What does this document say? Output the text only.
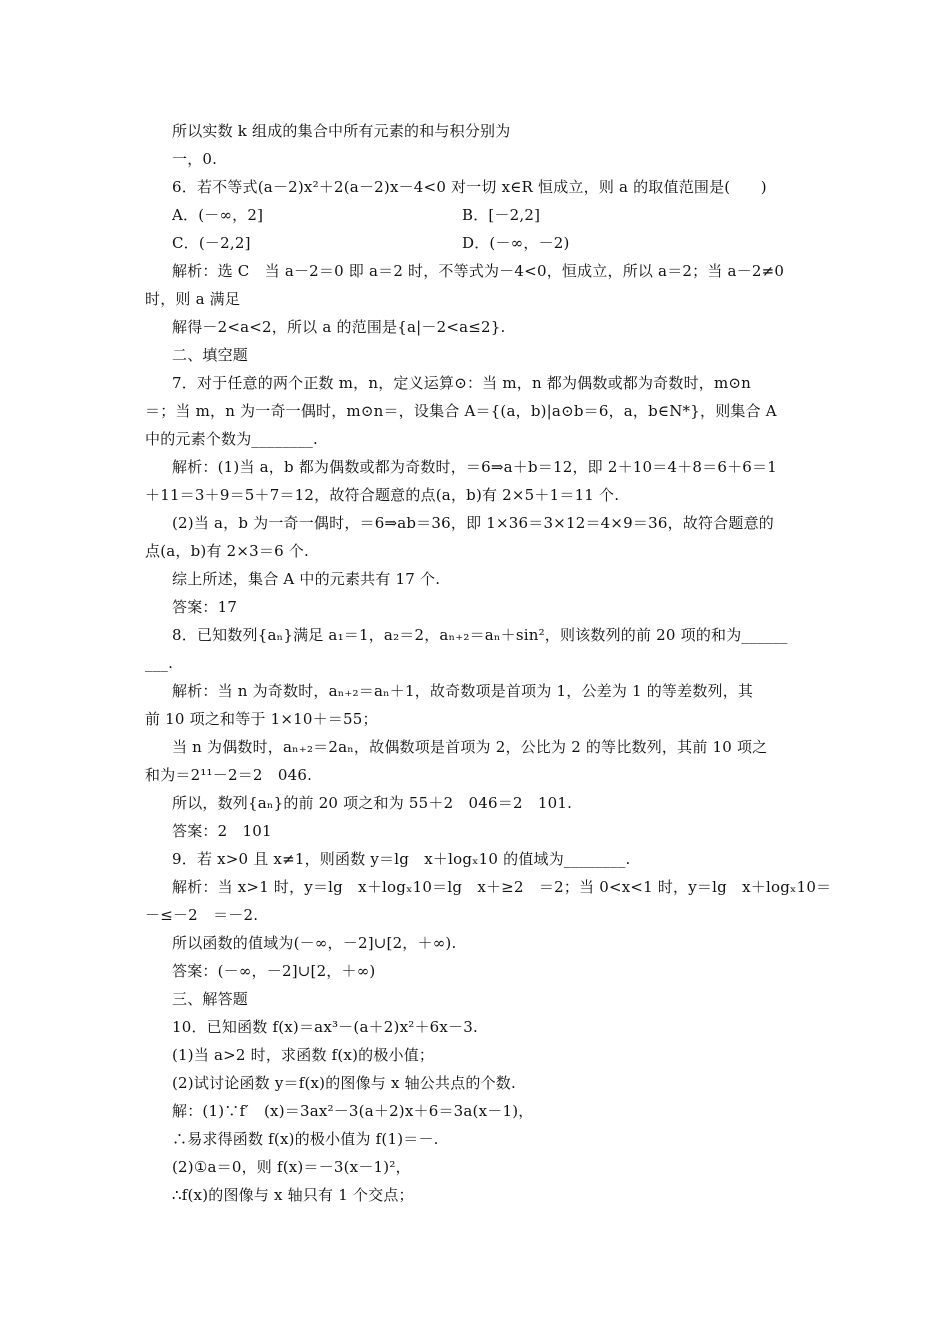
所以实数 k 组成的集合中所有元素的和与积分别为
一，0.
6．若不等式(a－2)x²＋2(a－2)x－4<0 对一切 x∈R 恒成立，则 a 的取值范围是(　　)
A．(－∞，2]	B．[－2,2]
C．(－2,2]	D．(－∞，－2)
解析：选 C　当 a－2＝0 即 a＝2 时，不等式为－4<0，恒成立，所以 a＝2；当 a－2≠0
时，则 a 满足
解得－2<a<2，所以 a 的范围是{a|－2<a≤2}.
二、填空题
7．对于任意的两个正数 m，n，定义运算⊙：当 m，n 都为偶数或都为奇数时，m⊙n
＝；当 m，n 为一奇一偶时，m⊙n＝，设集合 A＝{(a，b)|a⊙b＝6，a，b∈N*}，则集合 A
中的元素个数为________.
解析：(1)当 a，b 都为偶数或都为奇数时，＝6⇒a＋b＝12，即 2＋10＝4＋8＝6＋6＝1
＋11＝3＋9＝5＋7＝12，故符合题意的点(a，b)有 2×5＋1＝11 个.
(2)当 a，b 为一奇一偶时，＝6⇒ab＝36，即 1×36＝3×12＝4×9＝36，故符合题意的
点(a，b)有 2×3＝6 个.
综上所述，集合 A 中的元素共有 17 个.
答案：17
8．已知数列{aₙ}满足 a₁＝1，a₂＝2，aₙ₊₂＝aₙ＋sin²，则该数列的前 20 项的和为______
___.
解析：当 n 为奇数时，aₙ₊₂＝aₙ＋1，故奇数项是首项为 1，公差为 1 的等差数列，其
前 10 项之和等于 1×10＋＝55；
当 n 为偶数时，aₙ₊₂＝2aₙ，故偶数项是首项为 2，公比为 2 的等比数列，其前 10 项之
和为＝2¹¹－2＝2　046.
所以，数列{aₙ}的前 20 项之和为 55＋2　046＝2　101.
答案：2　101
9．若 x>0 且 x≠1，则函数 y＝lg　x＋logₓ10 的值域为________.
解析：当 x>1 时，y＝lg　x＋logₓ10＝lg　x＋≥2　＝2；当 0<x<1 时，y＝lg　x＋logₓ10＝
－≤－2　＝－2.
所以函数的值域为(－∞，－2]∪[2，＋∞).
答案：(－∞，－2]∪[2，＋∞)
三、解答题
10．已知函数 f(x)＝ax³－(a＋2)x²＋6x－3.
(1)当 a>2 时，求函数 f(x)的极小值；
(2)试讨论函数 y＝f(x)的图像与 x 轴公共点的个数.
解：(1)∵f′　(x)＝3ax²－3(a＋2)x＋6＝3a(x－1)，
∴易求得函数 f(x)的极小值为 f(1)＝－.
(2)①a＝0，则 f(x)＝－3(x－1)²，
∴f(x)的图像与 x 轴只有 1 个交点；
